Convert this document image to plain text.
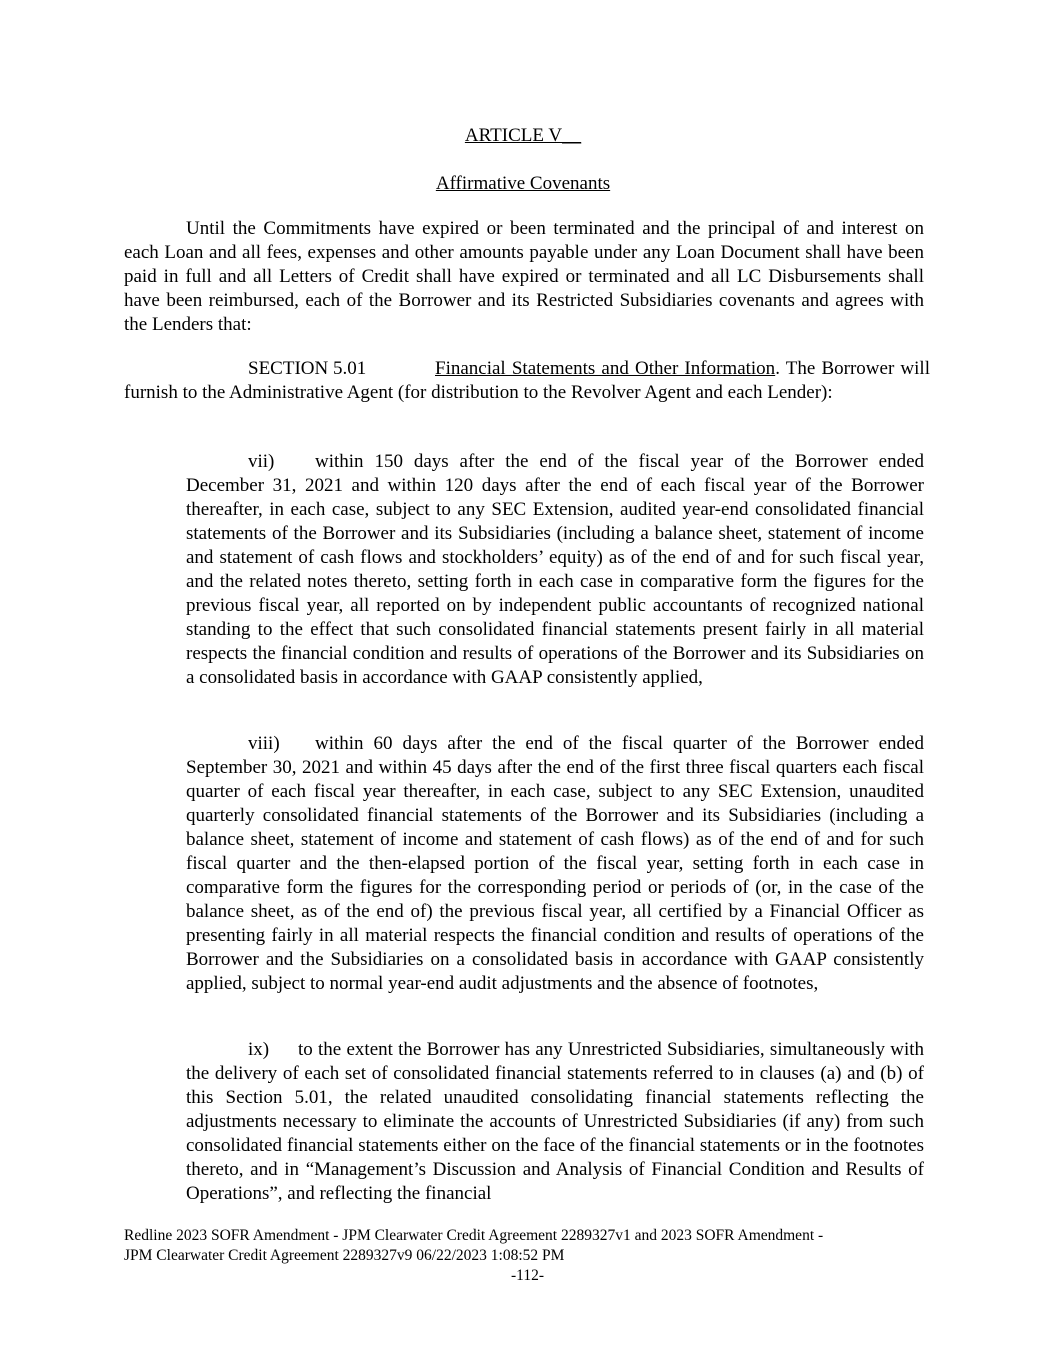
ARTICLE V__
Affirmative Covenants
Until the Commitments have expired or been terminated and the principal of and interest on each Loan and all fees, expenses and other amounts payable under any Loan Document shall have been paid in full and all Letters of Credit shall have expired or terminated and all LC Disbursements shall have been reimbursed, each of the Borrower and its Restricted Subsidiaries covenants and agrees with the Lenders that:
SECTION 5.01	Financial Statements and Other Information. The Borrower will furnish to the Administrative Agent (for distribution to the Revolver Agent and each Lender):
vii) within 150 days after the end of the fiscal year of the Borrower ended December 31, 2021 and within 120 days after the end of each fiscal year of the Borrower thereafter, in each case, subject to any SEC Extension, audited year-end consolidated financial statements of the Borrower and its Subsidiaries (including a balance sheet, statement of income and statement of cash flows and stockholders’ equity) as of the end of and for such fiscal year, and the related notes thereto, setting forth in each case in comparative form the figures for the previous fiscal year, all reported on by independent public accountants of recognized national standing to the effect that such consolidated financial statements present fairly in all material respects the financial condition and results of operations of the Borrower and its Subsidiaries on a consolidated basis in accordance with GAAP consistently applied,
viii) within 60 days after the end of the fiscal quarter of the Borrower ended September 30, 2021 and within 45 days after the end of the first three fiscal quarters each fiscal quarter of each fiscal year thereafter, in each case, subject to any SEC Extension, unaudited quarterly consolidated financial statements of the Borrower and its Subsidiaries (including a balance sheet, statement of income and statement of cash flows) as of the end of and for such fiscal quarter and the then-elapsed portion of the fiscal year, setting forth in each case in comparative form the figures for the corresponding period or periods of (or, in the case of the balance sheet, as of the end of) the previous fiscal year, all certified by a Financial Officer as presenting fairly in all material respects the financial condition and results of operations of the Borrower and the Subsidiaries on a consolidated basis in accordance with GAAP consistently applied, subject to normal year-end audit adjustments and the absence of footnotes,
ix) to the extent the Borrower has any Unrestricted Subsidiaries, simultaneously with the delivery of each set of consolidated financial statements referred to in clauses (a) and (b) of this Section 5.01, the related unaudited consolidating financial statements reflecting the adjustments necessary to eliminate the accounts of Unrestricted Subsidiaries (if any) from such consolidated financial statements either on the face of the financial statements or in the footnotes thereto, and in “Management’s Discussion and Analysis of Financial Condition and Results of Operations”, and reflecting the financial
Redline 2023 SOFR Amendment - JPM Clearwater Credit Agreement 2289327v1 and 2023 SOFR Amendment -
JPM Clearwater Credit Agreement 2289327v9 06/22/2023 1:08:52 PM
-112-
